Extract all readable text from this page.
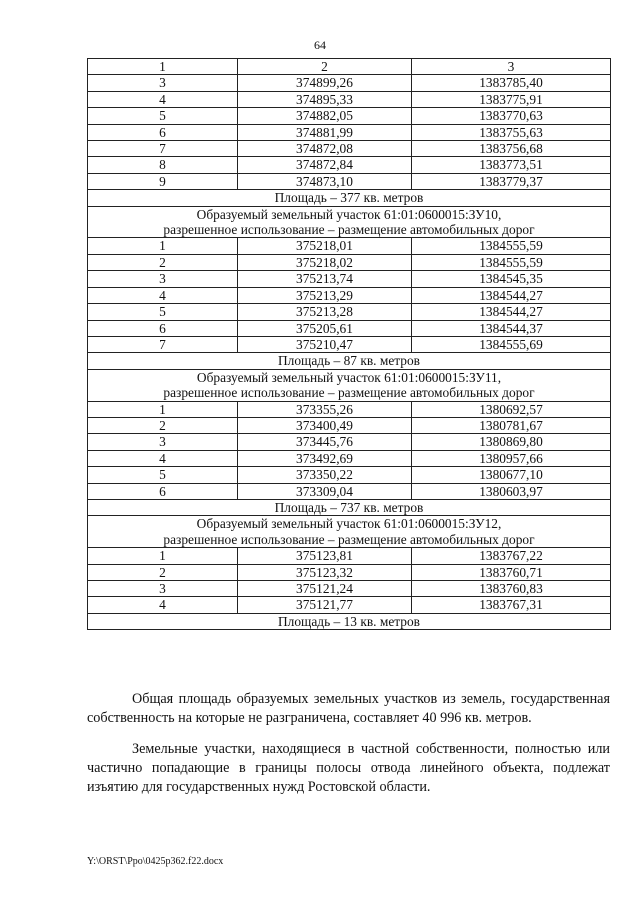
64
1	2	3
3	374899,26	1383785,40
4	374895,33	1383775,91
5	374882,05	1383770,63
6	374881,99	1383755,63
7	374872,08	1383756,68
8	374872,84	1383773,51
9	374873,10	1383779,37
Площадь – 377 кв. метров		

Образуемый земельный участок 61:01:0600015:ЗУ10,
разрешенное использование – размещение автомобильных дорог		

1	375218,01	1384555,59
2	375218,02	1384555,59
3	375213,74	1384545,35
4	375213,29	1384544,27
5	375213,28	1384544,27
6	375205,61	1384544,37
7	375210,47	1384555,69
Площадь – 87 кв. метров		

Образуемый земельный участок 61:01:0600015:ЗУ11,
разрешенное использование – размещение автомобильных дорог		

1	373355,26	1380692,57
2	373400,49	1380781,67
3	373445,76	1380869,80
4	373492,69	1380957,66
5	373350,22	1380677,10
6	373309,04	1380603,97
Площадь – 737 кв. метров		

Образуемый земельный участок 61:01:0600015:ЗУ12,
разрешенное использование – размещение автомобильных дорог		

1	375123,81	1383767,22
2	375123,32	1383760,71
3	375121,24	1383760,83
4	375121,77	1383767,31
Площадь – 13 кв. метров		

Общая площадь образуемых земельных участков из земель, государственная собственность на которые не разграничена, составляет 40 996 кв. метров.

Земельные участки, находящиеся в частной собственности, полностью или частично попадающие в границы полосы отвода линейного объекта, подлежат изъятию для государственных нужд Ростовской области.

Y:\ORST\Ppo\0425p362.f22.docx
